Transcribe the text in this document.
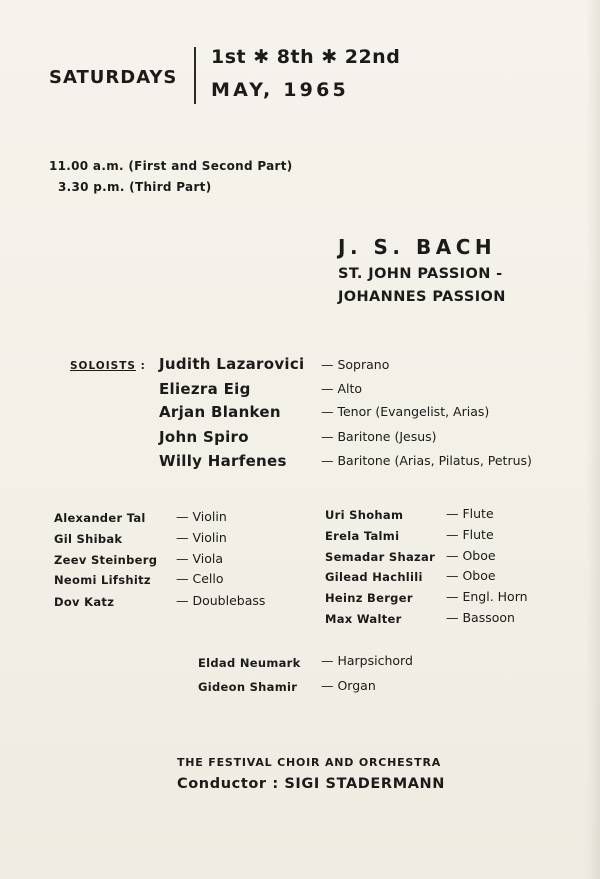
SATURDAYS
1st ✱ 8th ✱ 22nd
MAY, 1965
11.00 a.m. (First and Second Part)
3.30 p.m. (Third Part)
J. S. BACH
ST. JOHN PASSION -
JOHANNES PASSION
SOLOISTS : Judith Lazarovici — Soprano
Eliezra Eig	— Alto
Arjan Blanken	— Tenor (Evangelist, Arias)
John Spiro	— Baritone (Jesus)
Willy Harfenes	— Baritone (Arias, Pilatus, Petrus)
Alexander Tal — Violin
Gil Shibak	— Violin
Zeev Steinberg — Viola
Neomi Lifshitz — Cello
Dov Katz	— Doublebass
Uri Shoham	— Flute
Erela Talmi	— Flute
Semadar Shazar — Oboe
Gilead Hachlili — Oboe
Heinz Berger	— Engl. Horn
Max Walter	— Bassoon
Eldad Neumark — Harpsichord
Gideon Shamir — Organ
THE FESTIVAL CHOIR AND ORCHESTRA
Conductor : SIGI STADERMANN
